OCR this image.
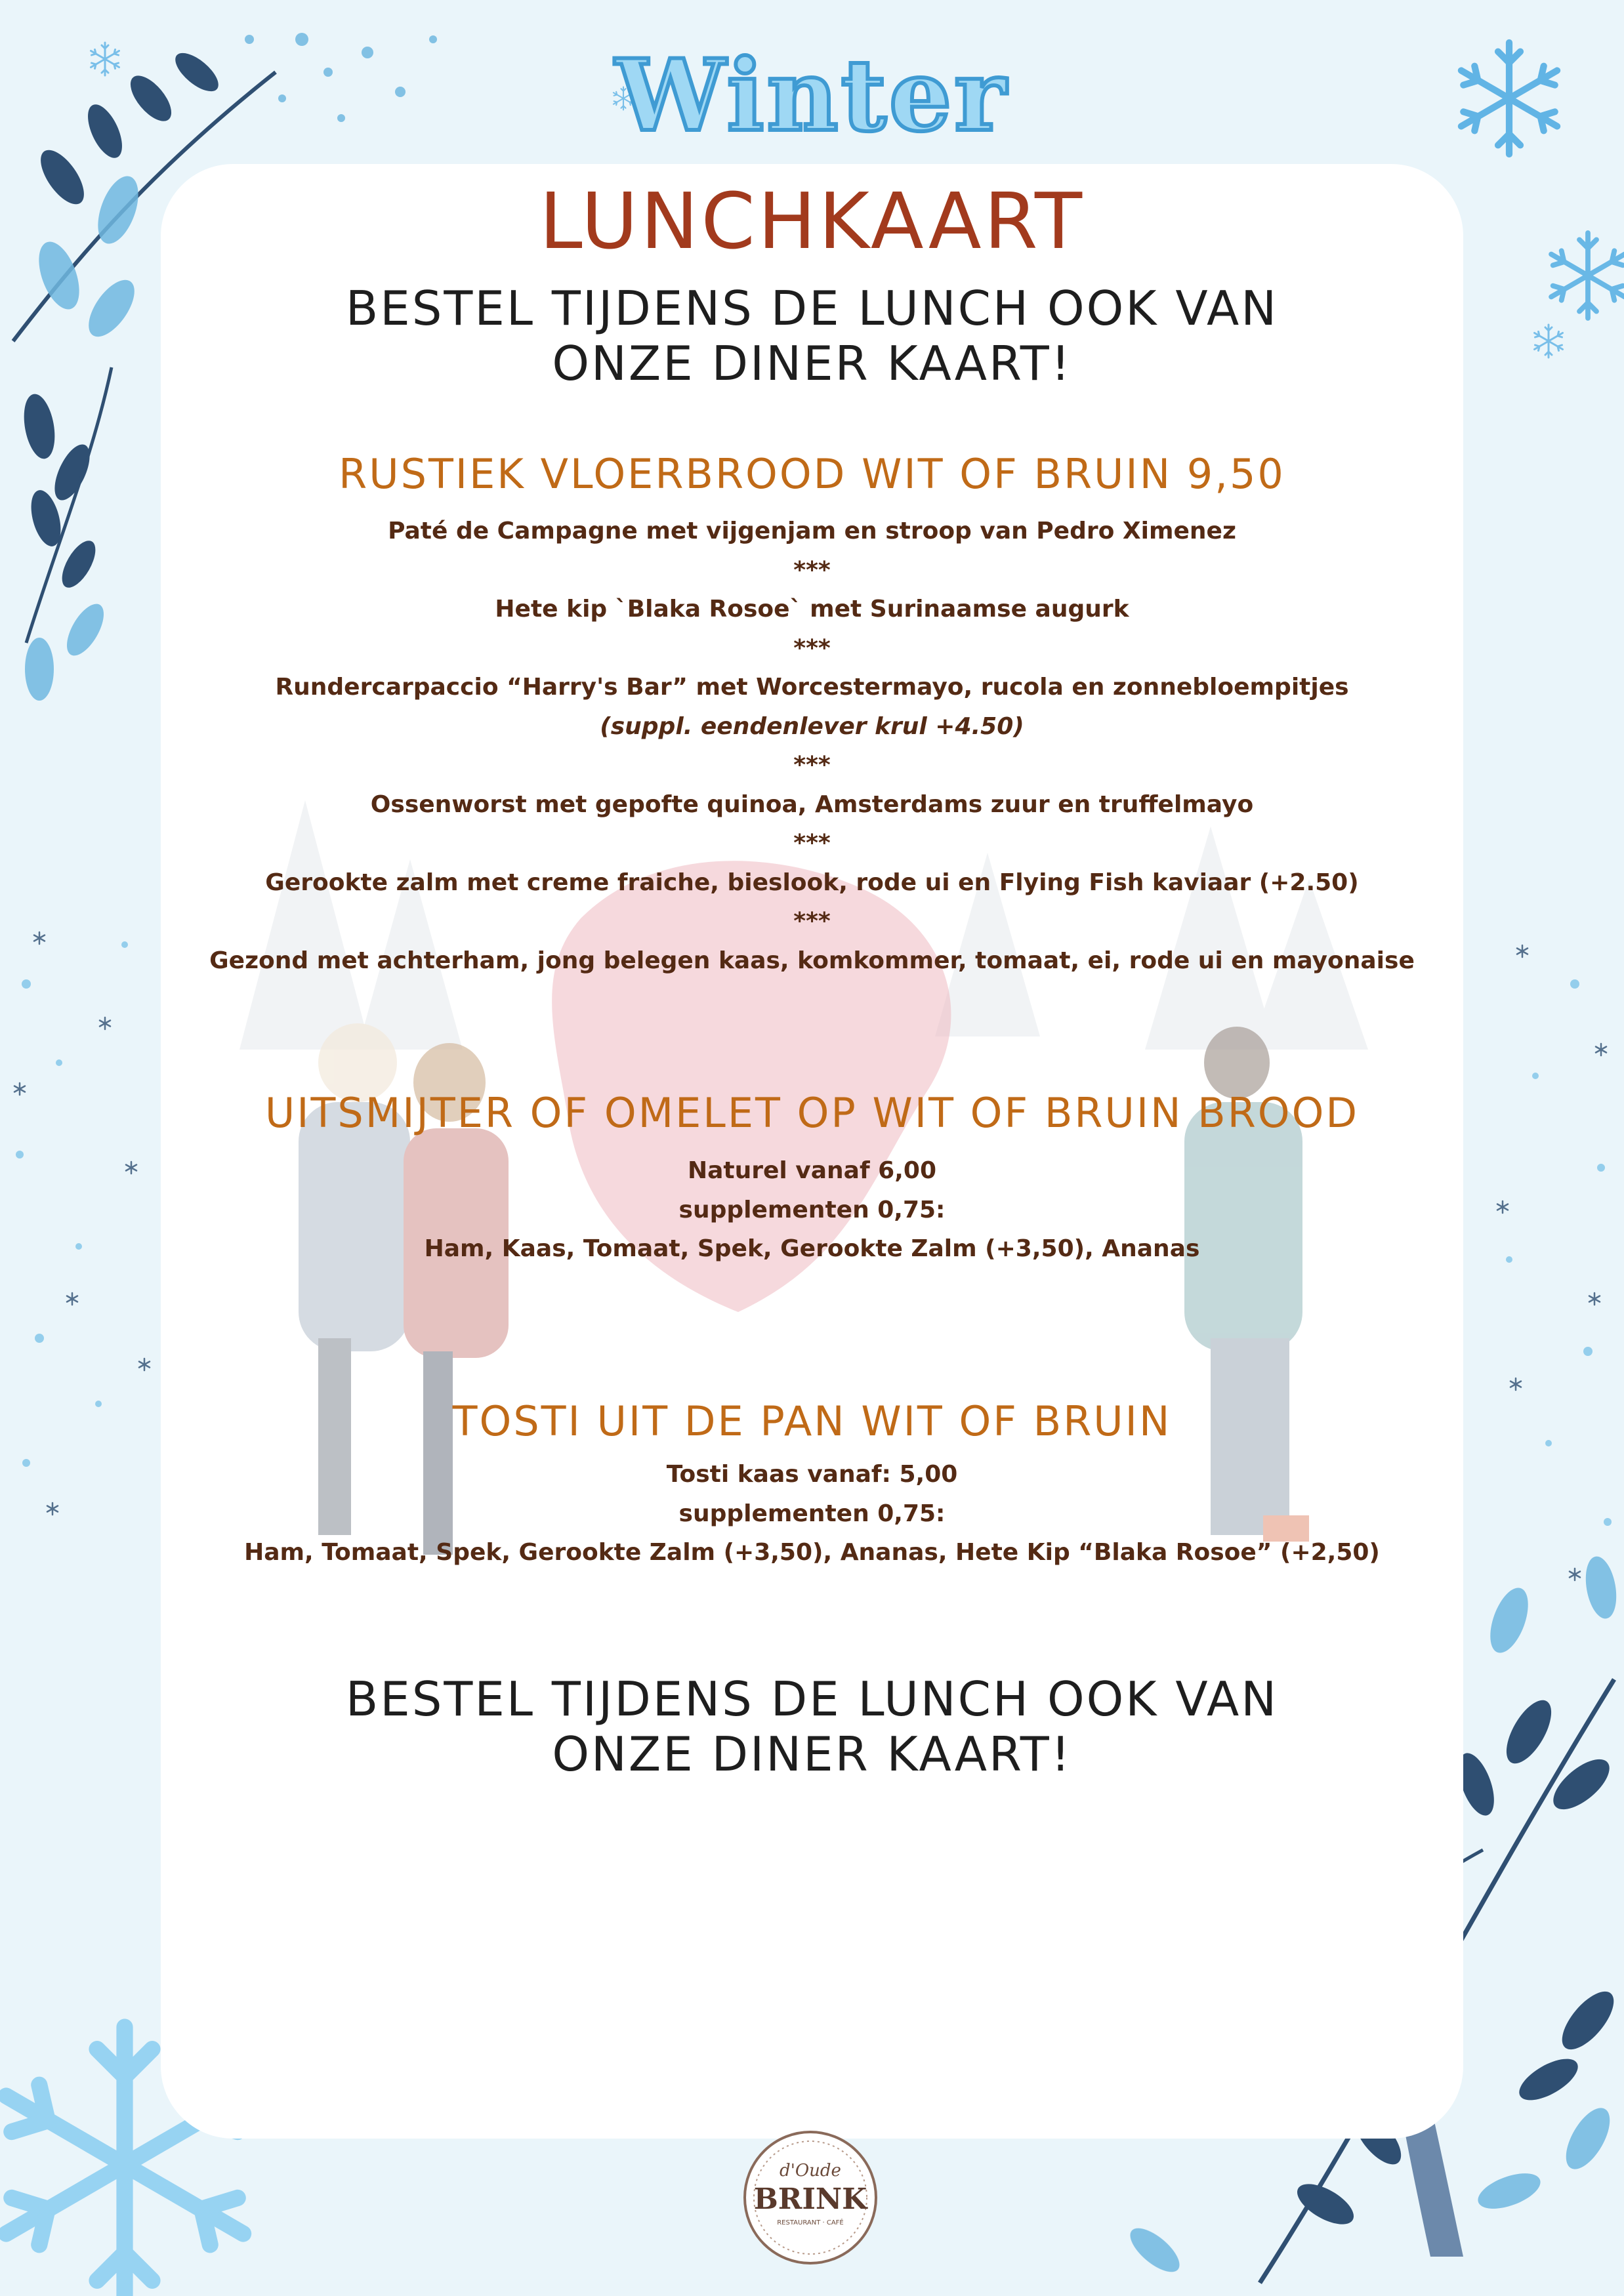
Winter
LUNCHKAART
BESTEL TIJDENS DE LUNCH OOK VAN
ONZE DINER KAART!
RUSTIEK VLOERBROOD WIT OF BRUIN 9,50
Paté de Campagne met vijgenjam en stroop van Pedro Ximenez
***
Hete kip `Blaka Rosoe` met Surinaamse augurk
***
Rundercarpaccio “Harry's Bar” met Worcestermayo, rucola en zonnebloempitjes
(suppl. eendenlever krul +4.50)
***
Ossenworst met gepofte quinoa, Amsterdams zuur en truffelmayo
***
Gerookte zalm met creme fraiche, bieslook, rode ui en Flying Fish kaviaar (+2.50)
***
Gezond met achterham, jong belegen kaas, komkommer, tomaat, ei, rode ui en mayonaise
UITSMIJTER OF OMELET OP WIT OF BRUIN BROOD
Naturel vanaf 6,00
supplementen 0,75:
Ham, Kaas, Tomaat, Spek, Gerookte Zalm (+3,50), Ananas
TOSTI UIT DE PAN WIT OF BRUIN
Tosti kaas vanaf: 5,00
supplementen 0,75:
Ham, Tomaat, Spek, Gerookte Zalm (+3,50), Ananas, Hete Kip “Blaka Rosoe” (+2,50)
BESTEL TIJDENS DE LUNCH OOK VAN
ONZE DINER KAART!
d'Oude
BRINK
RESTAURANT · CAFÉ
